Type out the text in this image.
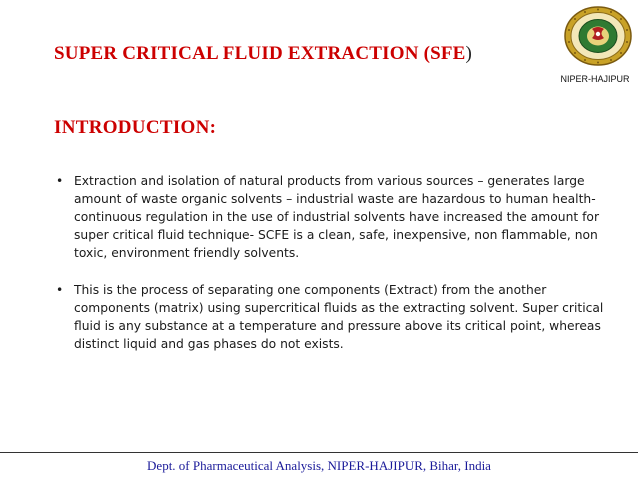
SUPER CRITICAL FLUID EXTRACTION (SFE)
NIPER-HAJIPUR
INTRODUCTION:
• Extraction and isolation of natural products from various sources – generates large amount of waste organic solvents – industrial waste are hazardous to human health- continuous regulation in the use of industrial solvents have increased the amount for super critical fluid technique- SCFE is a clean, safe, inexpensive, non flammable, non toxic, environment friendly solvents.
• This is the process of separating one components (Extract) from the another components (matrix) using supercritical fluids as the extracting solvent. Super critical fluid is any substance at a temperature and pressure above its critical point, whereas distinct liquid and gas phases do not exists.
Dept. of Pharmaceutical Analysis, NIPER-HAJIPUR, Bihar, India
